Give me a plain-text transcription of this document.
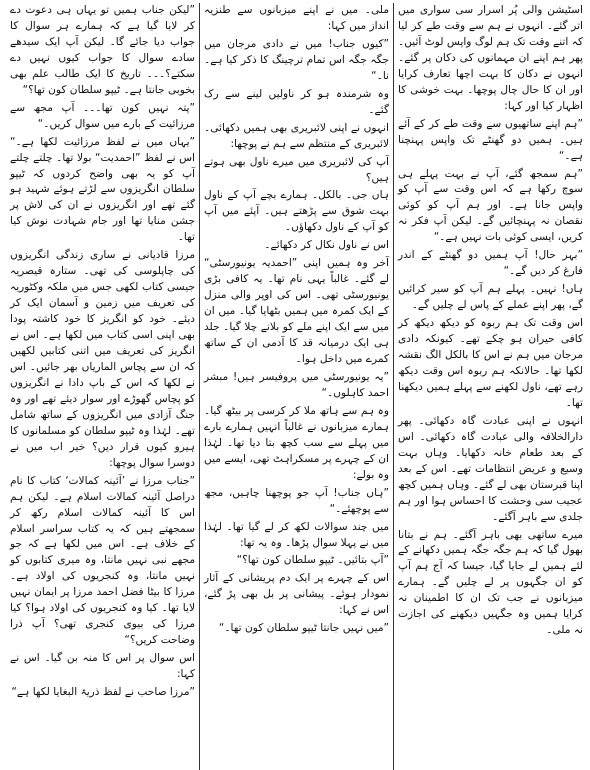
اسٹیشن والی پُر اسرار سی سواری میں اتر گئے۔ انہوں نے ہم سے وقت طے کر لیا کہ اتنے وقت تک ہم لوگ واپس لوٹ آئیں۔ پھر ہم اپنے ان مہمانوں کی دکان پر گئے۔ انہوں نے دکان کا بہت اچھا تعارف کرایا اور ان کا حال چال پوچھا۔ بہت خوشی کا اظہار کیا اور کہا:

”ہم اپنے ساتھیوں سے وقت طے کر کے آئے ہیں۔ ہمیں دو گھنٹے تک واپس پہنچنا ہے۔“

”ہم سمجھ گئے، آپ نے بہت پہلے ہی سوچ رکھا ہے کہ اس وقت سے آپ کو واپس جانا ہے۔ اور ہم آپ کو کوئی نقصان نہ پہنچائیں گے۔ لیکن آپ فکر نہ کریں، ایسی کوئی بات نہیں ہے۔“

”بہر حال! آپ ہمیں دو گھنٹے کے اندر فارغ کر دیں گے۔“

ہاں! نہیں۔ پہلے ہم آپ کو سیر کرائیں گے، پھر اپنے عملے کے پاس لے چلیں گے۔

اس وقت تک ہم ربوہ کو دیکھ دیکھ کر کافی حیران ہو چکے تھے۔ کیونکہ دادی مرجان میں ہم نے اس کا بالکل الگ نقشہ لکھا تھا۔ حالانکہ ہم ربوہ اس وقت دیکھ رہے تھے، ناول لکھنے سے پہلے ہمیں دیکھنا تھا۔

انہوں نے اپنی عبادت گاہ دکھائی۔ پھر دارالخلافہ والی عبادت گاہ دکھائی۔ اس کے بعد طعام خانہ دکھایا۔ وہاں بہت وسیع و عریض انتظامات تھے۔ اس کے بعد اپنا قبرستان بھی لے گئے۔ وہاں ہمیں کچھ عجیب سی وحشت کا احساس ہوا اور ہم جلدی سے باہر آگئے۔

میرے ساتھی بھی باہر آگئے۔ ہم نے بتانا بھول گیا کہ ہم جگہ جگہ ہمیں دکھانے کے لئے ہمیں لے جایا گیا، جیسا کہ آج ہم آپ کو ان جگہوں پر لے چلیں گے۔ ہمارے میزبانوں نے جب تک ان کا اطمینان نہ کرایا ہمیں وہ جگہیں دیکھنے کی اجازت نہ ملی۔

ملی۔ میں نے اپنے میزبانوں سے طنزیہ انداز میں کہا:

”کیوں جناب! میں نے دادی مرجان میں جگہ جگہ اس تمام ترچینگ کا ذکر کیا ہے۔ نا۔“

وہ شرمندہ ہو کر ناولیں لینے سے رک گئے۔

انہوں نے اپنی لائبریری بھی ہمیں دکھائی۔ لائبریری کے منتظم سے ہم نے پوچھا:

آپ کی لائبریری میں میرے ناول بھی ہوتے ہیں؟

ہاں جی۔ بالکل۔ ہمارے بچے آپ کے ناول بہت شوق سے پڑھتے ہیں۔ آپئے میں آپ کو آپ کے ناول دکھاؤں۔

اس نے ناول نکال کر دکھائے۔

آخر وہ ہمیں اپنی ”احمدیہ یونیورسٹی“ لے گئے۔ غالباً یہی نام تھا۔ یہ کافی بڑی یونیورسٹی تھی۔ اس کی اوپر والی منزل کے ایک کمرہ میں ہمیں بٹھایا گیا۔ میں ان میں سے ایک اپنے ملے کو بلانے چلا گیا۔ جلد ہی ایک درمیانہ قد کا آدمی ان کے ساتھ کمرے میں داخل ہوا۔

”یہ یونیورسٹی میں پروفیسر ہیں! مبشر احمد کاہلوں۔“

وہ ہم سے ہاتھ ملا کر کرسی پر بیٹھ گیا۔ ہمارے میزبانوں نے غالباً انہیں ہمارے بارے میں پہلے سے سب کچھ بتا دیا تھا۔ لہٰذا ان کے چہرے پر مسکراہٹ تھی، ایسے میں وہ بولے:

”ہاں جناب! آپ جو پوچھنا چاہیں، مجھ سے پوچھئے۔“

میں چند سوالات لکھ کر لے گیا تھا۔ لہٰذا میں نے پہلا سوال پڑھا۔ وہ یہ تھا:

”آپ بتائیں۔ ٹیپو سلطان کون تھا؟“

اس کے چہرے پر ایک دم پریشانی کے آثار نمودار ہوئے۔ پیشانی پر بل بھی پڑ گئے، اس نے کہا:

”میں نہیں جانتا ٹیپو سلطان کون تھا۔“

”لیکن جناب ہمیں تو یہاں ہی دعوت دے کر لایا گیا ہے کہ ہمارے ہر سوال کا جواب دیا جائے گا۔ لیکن آپ ایک سیدھے سادے سوال کا جواب کیوں نہیں دے سکتے؟۔۔۔ تاریخ کا ایک طالب علم بھی بخوبی جانتا ہے۔ ٹیپو سلطان کون تھا؟“

”پتہ نہیں کون تھا۔۔۔ آپ مجھ سے مرزائیت کے بارے میں سوال کریں۔“

”یہاں میں نے لفظ مرزائیت لکھا ہے۔“ اس نے لفظ ”احمدیت“ بولا تھا۔ چلتے چلتے آپ کو یہ بھی واضح کردوں کہ ٹیپو سلطان انگریزوں سے لڑتے ہوئے شہید ہو گئے تھے اور انگریزوں نے ان کی لاش پر جشن منایا تھا اور جام شہادت نوش کیا تھا۔

مرزا قادیانی نے ساری زندگی انگریزوں کی چاپلوسی کی تھی۔ ستارہ قیصریہ جیسی کتاب لکھی جس میں ملکہ وکٹوریہ کی تعریف میں زمین و آسمان ایک کر دیئے۔ خود کو انگریز کا خود کاشتہ پودا بھی اپنی اسی کتاب میں لکھا ہے۔ اس نے انگریز کی تعریف میں اتنی کتابیں لکھیں کہ ان سے پچاس الماریاں بھر جائیں۔ اس نے لکھا کہ اس کے باپ دادا نے انگریزوں کو پچاس گھوڑے اور سوار دیئے تھے اور وہ جنگ آزادی میں انگریزوں کے ساتھ شامل تھے۔ لہٰذا وہ ٹیپو سلطان کو مسلمانوں کا ہیرو کیوں قرار دیں؟ خیر اب میں نے دوسرا سوال پوچھا:

”جناب مرزا نے ’آئینہ کمالات‘ کتاب کا نام دراصل آئینہ کمالات اسلام ہے۔ لیکن ہم اس کا آئینہ کمالات اسلام رکھ کر سمجھتے ہیں کہ یہ کتاب سراسر اسلام کے خلاف ہے۔ اس میں لکھا ہے کہ جو مجھے نبی نہیں مانتا، وہ میری کتابوں کو نہیں مانتا، وہ کنجریوں کی اولاد ہے۔ مرزا کا بیٹا فضل احمد مرزا پر ایمان نہیں لایا تھا۔ کیا وہ کنجریوں کی اولاد ہوا؟ کیا مرزا کی بیوی کنجری تھی؟ آپ ذرا وضاحت کریں؟“

اس سوال پر اس کا منہ بن گیا۔ اس نے کہا:

”مرزا صاحب نے لفظ ذریۃ البغایا لکھا ہے“
